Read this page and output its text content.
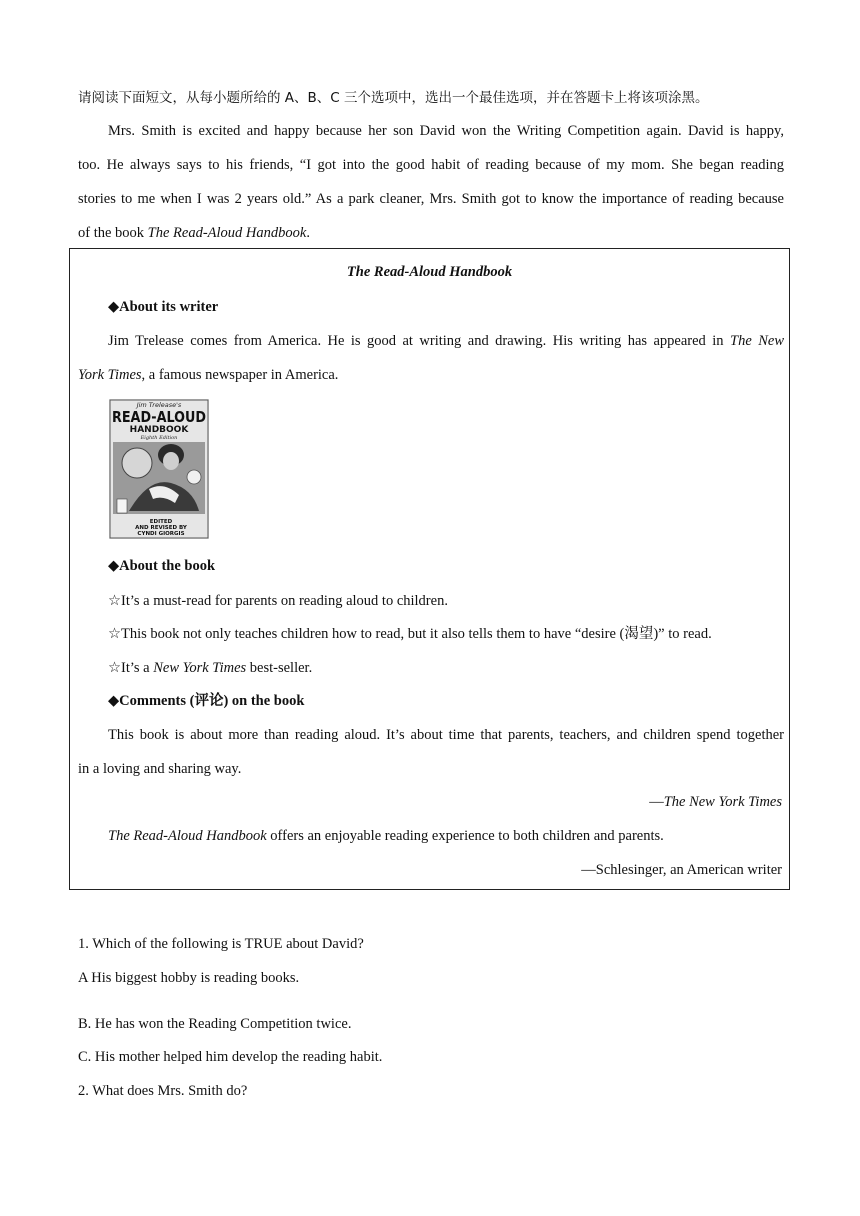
请阅读下面短文，从每小题所给的 A、B、C 三个选项中，选出一个最佳选项，并在答题卡上将该项涂黑。
Mrs. Smith is excited and happy because her son David won the Writing Competition again. David is happy,
too. He always says to his friends, “I got into the good habit of reading because of my mom. She began reading
stories to me when I was 2 years old.” As a park cleaner, Mrs. Smith got to know the importance of reading because
of the book The Read-Aloud Handbook.
The Read-Aloud Handbook
◆About its writer
Jim Trelease comes from America. He is good at writing and drawing. His writing has appeared in The New
York Times, a famous newspaper in America.
Jim Trelease's
READ-ALOUD
HANDBOOK
Eighth Edition
EDITED
AND REVISED BY
CYNDI GIORGIS
◆About the book
☆It’s a must-read for parents on reading aloud to children.
☆This book not only teaches children how to read, but it also tells them to have “desire (渴望)” to read.
☆It’s a New York Times best-seller.
◆Comments (评论) on the book
This book is about more than reading aloud. It’s about time that parents, teachers, and children spend together
in a loving and sharing way.
—The New York Times
The Read-Aloud Handbook offers an enjoyable reading experience to both children and parents.
—Schlesinger, an American writer
1. Which of the following is TRUE about David?
A His biggest hobby is reading books.
B. He has won the Reading Competition twice.
C. His mother helped him develop the reading habit.
2. What does Mrs. Smith do?
